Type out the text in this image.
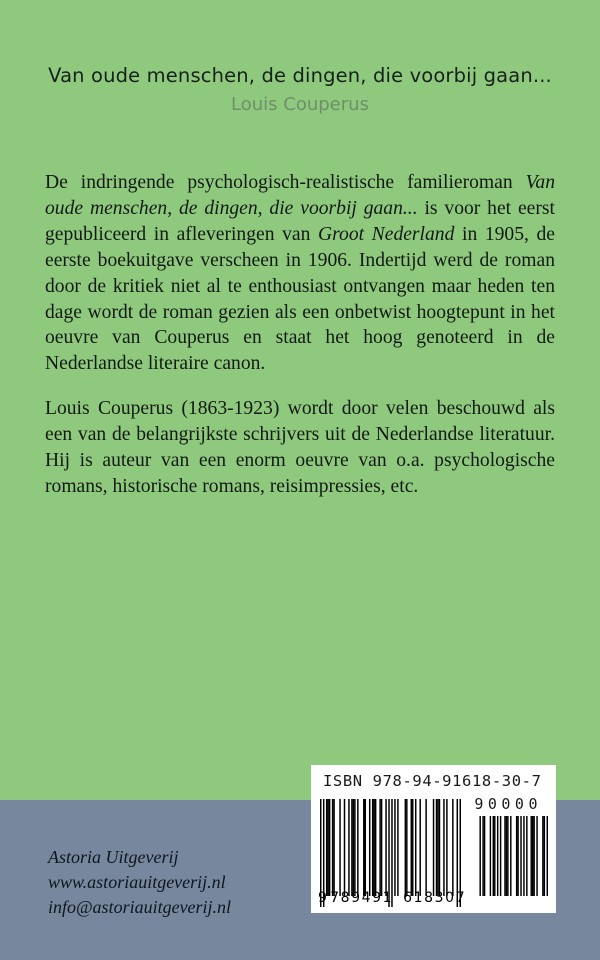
Van oude menschen, de dingen, die voorbij gaan...
Louis Couperus

De indringende psychologisch-realistische familieroman Van oude menschen, de dingen, die voorbij gaan... is voor het eerst gepubliceerd in afleveringen van Groot Nederland in 1905, de eerste boekuitgave verscheen in 1906. Indertijd werd de roman door de kritiek niet al te enthousiast ontvangen maar heden ten dage wordt de roman gezien als een onbetwist hoogtepunt in het oeuvre van Couperus en staat het hoog genoteerd in de Nederlandse literaire canon.

Louis Couperus (1863-1923) wordt door velen beschouwd als een van de belangrijkste schrijvers uit de Nederlandse literatuur. Hij is auteur van een enorm oeuvre van o.a. psychologische romans, historische romans, reisimpressies, etc.

ISBN 978-94-91618-30-7
90000
9 789491 618307
Astoria Uitgeverij
www.astoriauitgeverij.nl
info@astoriauitgeverij.nl
